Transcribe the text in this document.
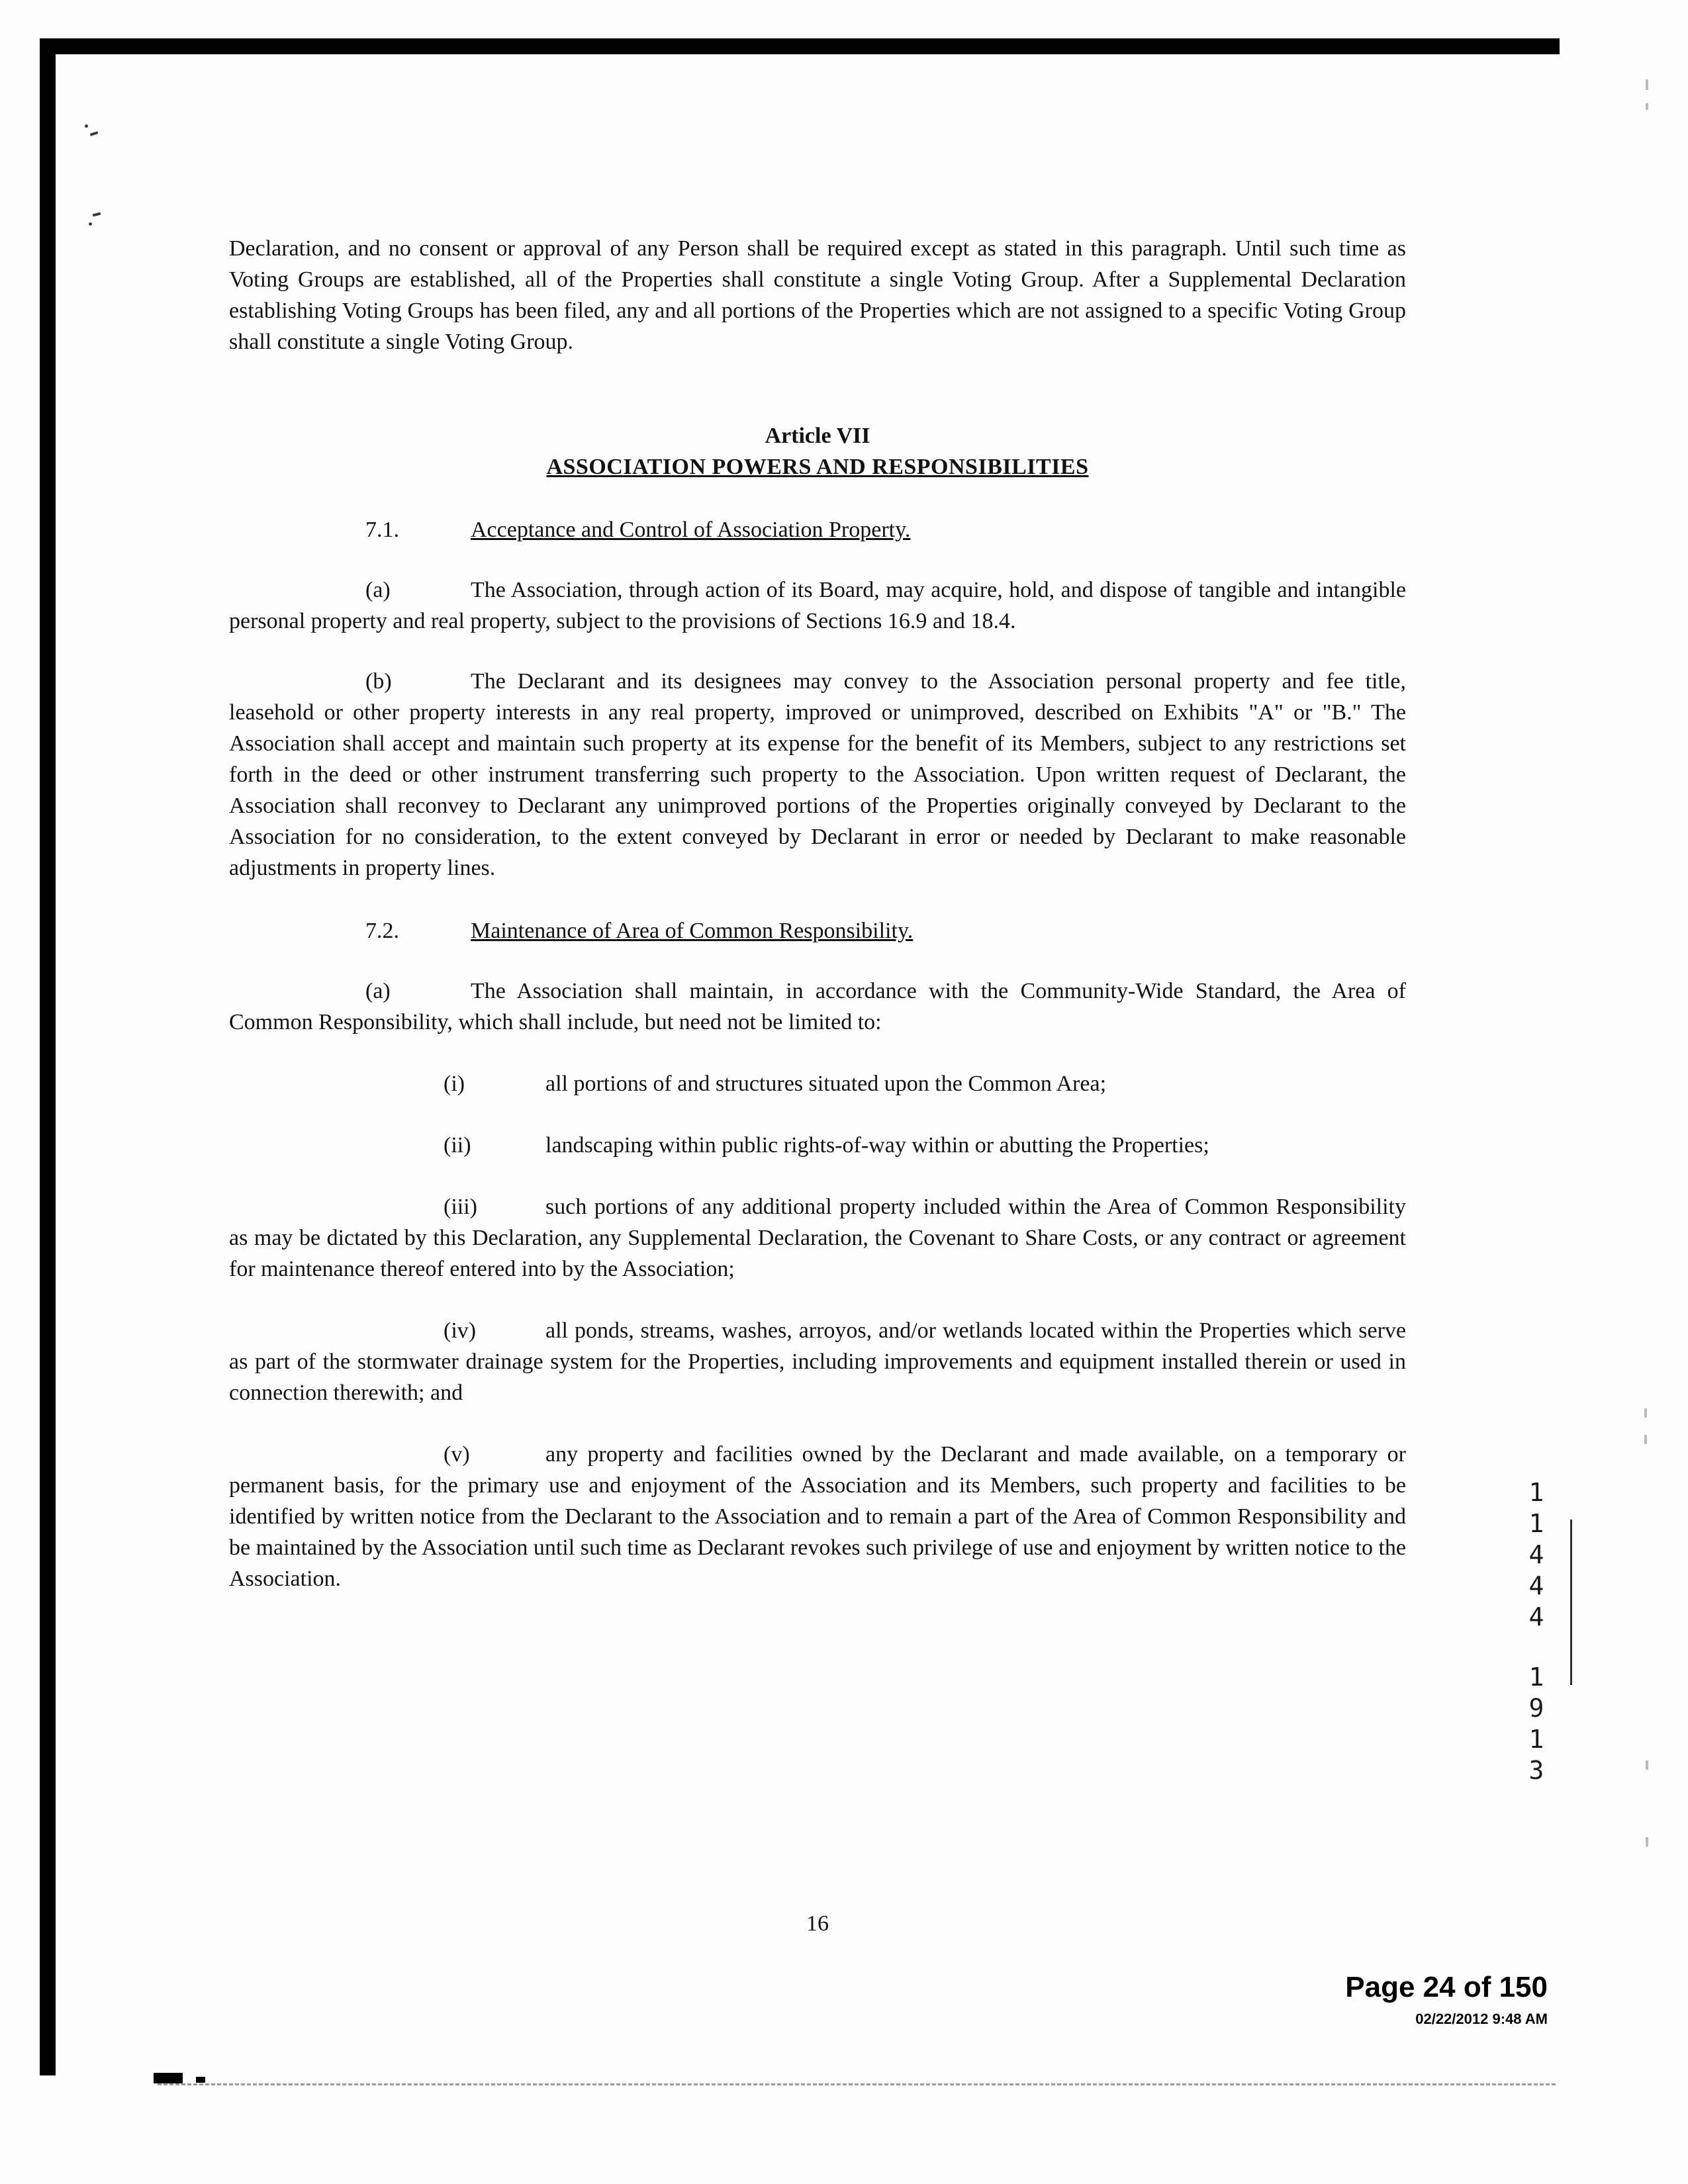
Declaration, and no consent or approval of any Person shall be required except as stated in this paragraph. Until such time as Voting Groups are established, all of the Properties shall constitute a single Voting Group. After a Supplemental Declaration establishing Voting Groups has been filed, any and all portions of the Properties which are not assigned to a specific Voting Group shall constitute a single Voting Group.

Article VII

ASSOCIATION POWERS AND RESPONSIBILITIES

7.1.	Acceptance and Control of Association Property.

(a)	The Association, through action of its Board, may acquire, hold, and dispose of tangible and intangible personal property and real property, subject to the provisions of Sections 16.9 and 18.4.

(b)	The Declarant and its designees may convey to the Association personal property and fee title, leasehold or other property interests in any real property, improved or unimproved, described on Exhibits "A" or "B." The Association shall accept and maintain such property at its expense for the benefit of its Members, subject to any restrictions set forth in the deed or other instrument transferring such property to the Association. Upon written request of Declarant, the Association shall reconvey to Declarant any unimproved portions of the Properties originally conveyed by Declarant to the Association for no consideration, to the extent conveyed by Declarant in error or needed by Declarant to make reasonable adjustments in property lines.

7.2.	Maintenance of Area of Common Responsibility.

(a)	The Association shall maintain, in accordance with the Community-Wide Standard, the Area of Common Responsibility, which shall include, but need not be limited to:

(i)	all portions of and structures situated upon the Common Area;

(ii)	landscaping within public rights-of-way within or abutting the Properties;

(iii)	such portions of any additional property included within the Area of Common Responsibility as may be dictated by this Declaration, any Supplemental Declaration, the Covenant to Share Costs, or any contract or agreement for maintenance thereof entered into by the Association;

(iv)	all ponds, streams, washes, arroyos, and/or wetlands located within the Properties which serve as part of the stormwater drainage system for the Properties, including improvements and equipment installed therein or used in connection therewith; and

(v)	any property and facilities owned by the Declarant and made available, on a temporary or permanent basis, for the primary use and enjoyment of the Association and its Members, such property and facilities to be identified by written notice from the Declarant to the Association and to remain a part of the Area of Common Responsibility and be maintained by the Association until such time as Declarant revokes such privilege of use and enjoyment by written notice to the Association.

1
1
4
4
4
1
9
1
3
16
Page 24 of 150
02/22/2012 9:48 AM
